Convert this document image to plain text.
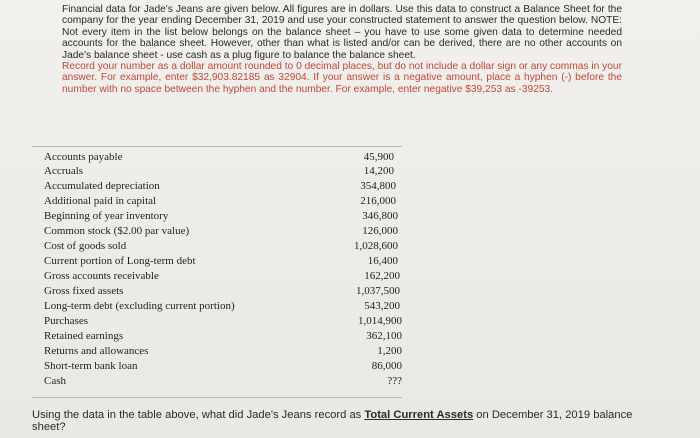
Financial data for Jade's Jeans are given below. All figures are in dollars. Use this data to construct a Balance Sheet for the company for the year ending December 31, 2019 and use your constructed statement to answer the question below. NOTE: Not every item in the list below belongs on the balance sheet – you have to use some given data to determine needed accounts for the balance sheet. However, other than what is listed and/or can be derived, there are no other accounts on Jade's balance sheet - use cash as a plug figure to balance the balance sheet.

Record your number as a dollar amount rounded to 0 decimal places, but do not include a dollar sign or any commas in your answer. For example, enter $32,903.82185 as 32904. If your answer is a negative amount, place a hyphen (-) before the number with no space between the hyphen and the number. For example, enter negative $39,253 as -39253.

Accounts payable	45,900
Accruals	14,200
Accumulated depreciation	354,800
Additional paid in capital	216,000
Beginning of year inventory	346,800
Common stock ($2.00 par value)	126,000
Cost of goods sold	1,028,600
Current portion of Long-term debt	16,400
Gross accounts receivable	162,200
Gross fixed assets	1,037,500
Long-term debt (excluding current portion)	543,200
Purchases	1,014,900
Retained earnings	362,100
Returns and allowances	1,200
Short-term bank loan	86,000
Cash	???

Using the data in the table above, what did Jade's Jeans record as Total Current Assets on December 31, 2019 balance sheet?
